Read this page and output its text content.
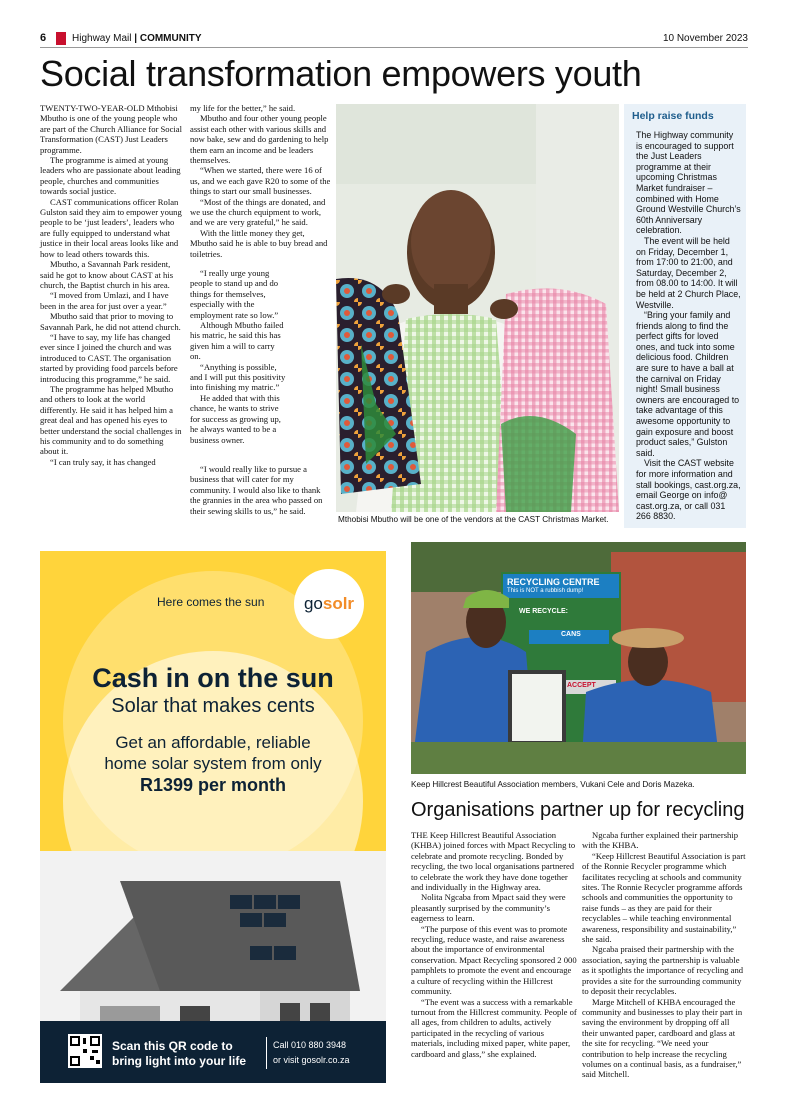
6	Highway Mail | COMMUNITY	10 November 2023
Social transformation empowers youth

TWENTY-TWO-YEAR-OLD Mthobisi Mbutho is one of the young people who are part of the Church Alliance for Social Transformation (CAST) Just Leaders programme.

The programme is aimed at young leaders who are passionate about leading people, churches and communities towards social justice.

CAST communications officer Rolan Gulston said they aim to empower young people to be ‘just leaders’, leaders who are fully equipped to understand what justice in their local areas looks like and how to lead others towards this.

Mbutho, a Savannah Park resident, said he got to know about CAST at his church, the Baptist church in his area.

“I moved from Umlazi, and I have been in the area for just over a year.”

Mbutho said that prior to moving to Savannah Park, he did not attend church.

“I have to say, my life has changed ever since I joined the church and was introduced to CAST. The organisation started by providing food parcels before introducing this programme,” he said.

The programme has helped Mbutho and others to look at the world differently. He said it has helped him a great deal and has opened his eyes to better understand the social challenges in his community and to do something about it.

“I can truly say, it has changed

my life for the better,” he said.

Mbutho and four other young people assist each other with various skills and now bake, sew and do gardening to help them earn an income and be leaders themselves.

“When we started, there were 16 of us, and we each gave R20 to some of the things to start our small businesses.

“Most of the things are donated, and we use the church equipment to work, and we are very grateful,” he said.

With the little money they get, Mbutho said he is able to buy bread and toiletries.

“I really urge young people to stand up and do things for themselves, especially with the employment rate so low.”

Although Mbutho failed his matric, he said this has given him a will to carry on.

“Anything is possible, and I will put this positivity into finishing my matric.”

He added that with this chance, he wants to strive for success as growing up, he always wanted to be a business owner.

“I would really like to pursue a business that will cater for my community. I would also like to thank the grannies in the area who passed on their sewing skills to us,” he said.

Mthobisi Mbutho will be one of the vendors at the CAST Christmas Market.
Help raise funds

The Highway community is encouraged to support the Just Leaders programme at their upcoming Christmas Market fundraiser – combined with Home Ground Westville Church’s 60th Anniversary celebration.

The event will be held on Friday, December 1, from 17:00 to 21:00, and Saturday, December 2, from 08.00 to 14:00. It will be held at 2 Church Place, Westville.

“Bring your family and friends along to find the perfect gifts for loved ones, and tuck into some delicious food. Children are sure to have a ball at the carnival on Friday night! Small business owners are encouraged to take advantage of this awesome opportunity to gain exposure and boost product sales,” Gulston said.

Visit the CAST website for more information and stall bookings, cast.org.za, email George on info@ cast.org.za, or call 031 266 8830.

Here comes the sun	gosolr
Cash in on the sun
Solar that makes cents
Get an affordable, reliable
home solar system from only
R1399 per month
Scan this QR code to
bring light into your life
Call 010 880 3948
or visit gosolr.co.za
RECYCLING CENTRE
This is NOT a rubbish dump!
WE RECYCLE:
CANS
ACCEPT
Keep Hillcrest Beautiful Association members, Vukani Cele and Doris Mazeka.
Organisations partner up for recycling

THE Keep Hillcrest Beautiful Association (KHBA) joined forces with Mpact Recycling to celebrate and promote recycling. Bonded by recycling, the two local organisations partnered to celebrate the work they have done together and individually in the Highway area.

Nolita Ngcaba from Mpact said they were pleasantly surprised by the community’s eagerness to learn.

“The purpose of this event was to promote recycling, reduce waste, and raise awareness about the importance of environmental conservation. Mpact Recycling sponsored 2 000 pamphlets to promote the event and encourage a culture of recycling within the Hillcrest community.

“The event was a success with a remarkable turnout from the Hillcrest community. People of all ages, from children to adults, actively participated in the recycling of various materials, including mixed paper, white paper, cardboard and glass,” she explained.

Ngcaba further explained their partnership with the KHBA.

“Keep Hillcrest Beautiful Association is part of the Ronnie Recycler programme which facilitates recycling at schools and community sites. The Ronnie Recycler programme affords schools and communities the opportunity to raise funds – as they are paid for their recyclables – while teaching environmental awareness, responsibility and sustainability,” she said.

Ngcaba praised their partnership with the association, saying the partnership is valuable as it spotlights the importance of recycling and provides a site for the surrounding community to deposit their recyclables.

Marge Mitchell of KHBA encouraged the community and businesses to play their part in saving the environment by dropping off all their unwanted paper, cardboard and glass at the site for recycling. “We need your contribution to help increase the recycling volumes on a continual basis, as a fundraiser,” said Mitchell.
